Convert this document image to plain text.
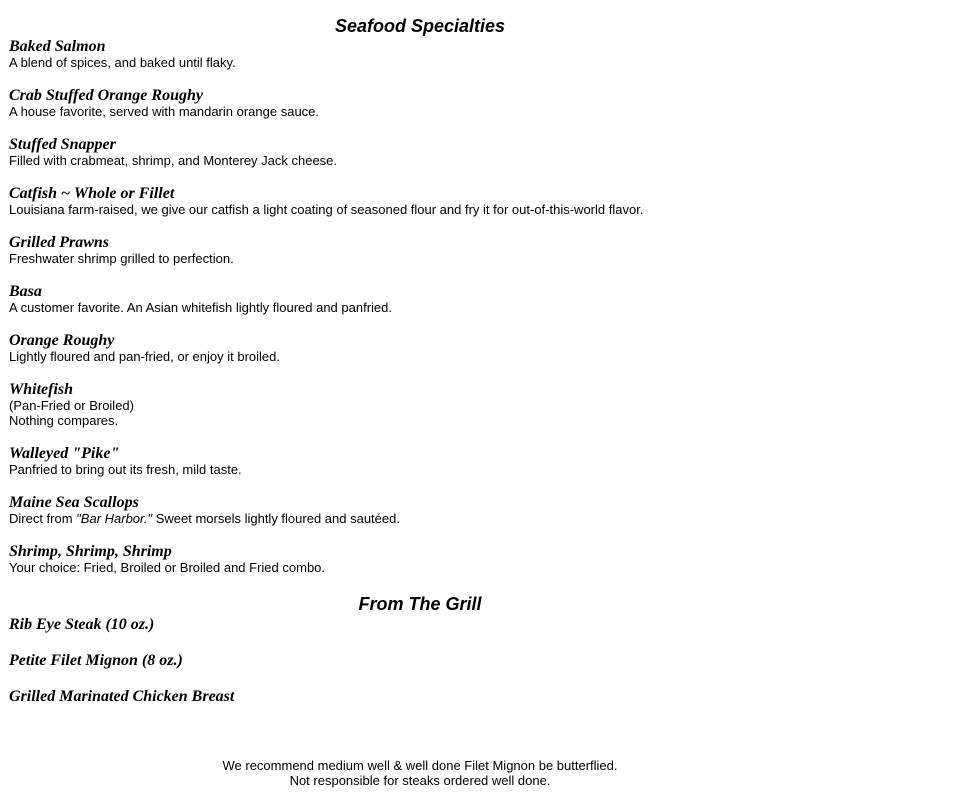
Seafood Specialties
Baked Salmon
A blend of spices, and baked until flaky.
Crab Stuffed Orange Roughy
A house favorite, served with mandarin orange sauce.
Stuffed Snapper
Filled with crabmeat, shrimp, and Monterey Jack cheese.
Catfish ~ Whole or Fillet
Louisiana farm-raised, we give our catfish a light coating of seasoned flour and fry it for out-of-this-world flavor.
Grilled Prawns
Freshwater shrimp grilled to perfection.
Basa
A customer favorite. An Asian whitefish lightly floured and panfried.
Orange Roughy
Lightly floured and pan-fried, or enjoy it broiled.
Whitefish
(Pan-Fried or Broiled)
Nothing compares.
Walleyed "Pike"
Panfried to bring out its fresh, mild taste.
Maine Sea Scallops
Direct from "Bar Harbor." Sweet morsels lightly floured and sautéed.
Shrimp, Shrimp, Shrimp
Your choice: Fried, Broiled or Broiled and Fried combo.
From The Grill
Rib Eye Steak (10 oz.)
Petite Filet Mignon (8 oz.)
Grilled Marinated Chicken Breast
We recommend medium well & well done Filet Mignon be butterflied.
Not responsible for steaks ordered well done.
